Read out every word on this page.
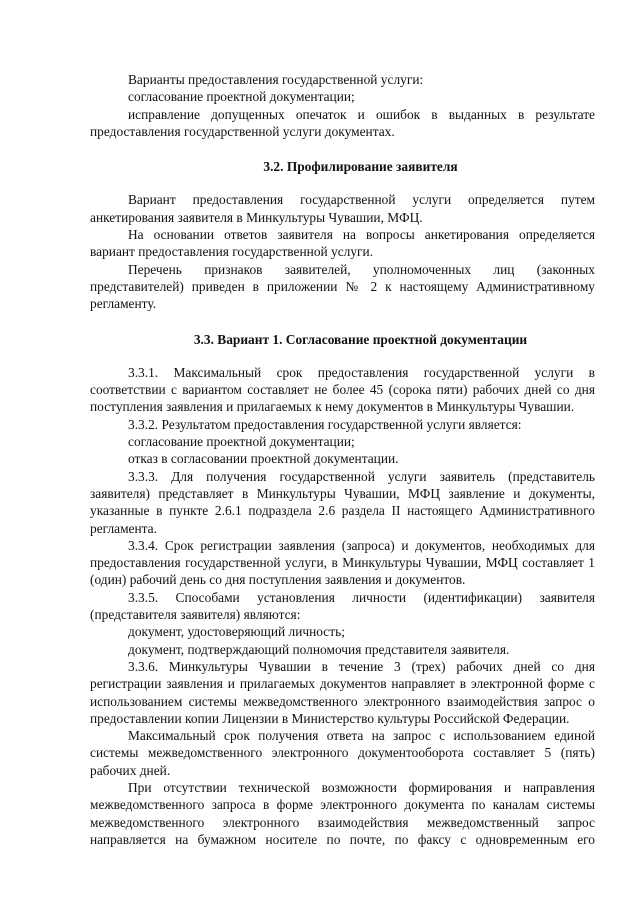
Варианты предоставления государственной услуги:

согласование проектной документации;

исправление допущенных опечаток и ошибок в выданных в результате предоставления государственной услуги документах.

3.2. Профилирование заявителя

Вариант предоставления государственной услуги определяется путем анкетирования заявителя в Минкультуры Чувашии, МФЦ.

На основании ответов заявителя на вопросы анкетирования определяется вариант предоставления государственной услуги.

Перечень признаков заявителей, уполномоченных лиц (законных представителей) приведен в приложении № 2 к настоящему Административному регламенту.

3.3. Вариант 1. Согласование проектной документации

3.3.1. Максимальный срок предоставления государственной услуги в соответствии с вариантом составляет не более 45 (сорока пяти) рабочих дней со дня поступления заявления и прилагаемых к нему документов в Минкультуры Чувашии.

3.3.2. Результатом предоставления государственной услуги является:

согласование проектной документации;

отказ в согласовании проектной документации.

3.3.3. Для получения государственной услуги заявитель (представитель заявителя) представляет в Минкультуры Чувашии, МФЦ заявление и документы, указанные в пункте 2.6.1 подраздела 2.6 раздела II настоящего Административного регламента.

3.3.4. Срок регистрации заявления (запроса) и документов, необходимых для предоставления государственной услуги, в Минкультуры Чувашии, МФЦ составляет 1 (один) рабочий день со дня поступления заявления и документов.

3.3.5. Способами установления личности (идентификации) заявителя (представителя заявителя) являются:

документ, удостоверяющий личность;

документ, подтверждающий полномочия представителя заявителя.

3.3.6. Минкультуры Чувашии в течение 3 (трех) рабочих дней со дня регистрации заявления и прилагаемых документов направляет в электронной форме с использованием системы межведомственного электронного взаимодействия запрос о предоставлении копии Лицензии в Министерство культуры Российской Федерации.

Максимальный срок получения ответа на запрос с использованием единой системы межведомственного электронного документооборота составляет 5 (пять) рабочих дней.

При отсутствии технической возможности формирования и направления межведомственного запроса в форме электронного документа по каналам системы межведомственного электронного взаимодействия межведомственный запрос направляется на бумажном носителе по почте, по факсу с одновременным его
